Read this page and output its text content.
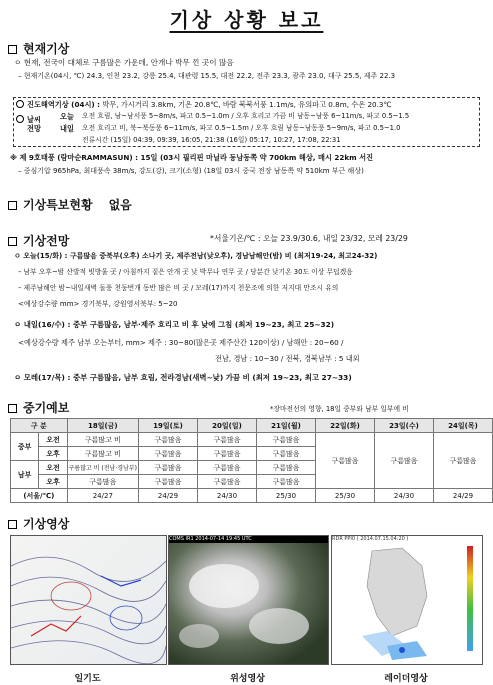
기상 상황 보고
현재기상
ㅇ 현재, 전국이 대체로 구름많은 가운데, 안개나 박무 낀 곳이 많음
– 현재기온(04시, ℃) 24.3, 인천 23.2, 강릉 25.4, 대관령 15.5, 대전 22.2, 전주 23.3, 광주 23.0, 대구 25.5, 제주 22.3
진도해역기상 (04시) : 박무, 가시거리 3.8km, 기온 20.8℃, 바람 북북서풍 1.1m/s, 유의파고 0.8m, 수온 20.3℃
날씨 전망
오늘 오전 흐림, 남~남서풍 5~8m/s, 파고 0.5~1.0m / 오후 흐리고 가끔 비 남동~남풍 6~11m/s, 파고 0.5~1.5
내일 오전 흐리고 비, 북~북동풍 6~11m/s, 파고 0.5~1.5m / 오후 흐림 남동~남동풍 5~9m/s, 파고 0.5~1.0
전류시간 (15일) 04:39, 09:39, 16:05, 21:38 (16일) 05:17, 10:27, 17:08, 22:31
※ 제 9호태풍 (람마순RAMMASUN) : 15일 (03시 필리핀 마닐라 동남동쪽 약 700km 해상, 매시 22km 서진
– 중심기압 965hPa, 최대풍속 38m/s, 강도(강), 크기(소형) (18일 03시 중국 전장 남동쪽 약 510km 부근 해상)
기상특보현황 없음
기상전망	*서울기온/℃ : 오늘 23.9/30.6, 내일 23/32, 모레 23/29
ㅇ 오늘(15/화) : 구름많음 중북부(오후) 소나기 곳, 제주전남(낮오후), 경남남해안(밤) 비 (최저19-24, 최고24-32)
– 남부 오후~밤 산발적 빗방울 곳 / 아침까지 짙은 안개 곳 낮 박무나 연무 곳 / 당분간 낮기온 30도 이상 무덥겠음
– 제주남해안 밤~내일새벽 돌풍 천둥번개 동반 많은 비 곳 / 모레(17)까지 천문조에 의한 저지대 만조시 유의
<예상강수량 mm> 경기북부, 강원영서북부: 5~20
ㅇ 내일(16/수) : 중부 구름많음, 남부·제주 흐리고 비 후 낮에 그침 (최저 19~23, 최고 25~32)
<예상강수량 제주 남부 오는부터, mm> 제주 : 30~80(많은곳 제주산간 120이상) / 남해안 : 20~60 /
전남, 경남 : 10~30 / 전북, 경북남부 : 5 내외
ㅇ 모레(17/목) : 중부 구름많음, 남부 흐림, 전라경남(새벽~낮) 가끔 비 (최저 19~23, 최고 27~33)
중기예보	*장마전선의 영향, 18일 중부와 남부 일부에 비
구 분		18일(금)	19일(토)	20일(일)	21일(월)	22일(화)	23일(수)	24일(목)
중부	오전	구름많고 비	구름많음	구름많음	구름많음	구름많음	구름많음	구름많음
	오후	구름많고 비	구름많음	구름많음	구름많음			
남부	오전	구름많고 비 (전남·경남부)	구름많음	구름많음	구름많음			
	오후	구름많음	구름많음	구름많음	구름많음			
(서울/℃)		24/27	24/29	24/30	25/30	25/30	24/30	24/29
기상영상
COMS IR1 2014-07-14 19:45 UTC	RDR PPI0 ( 2014.07.15.04:20 )
일기도	위성영상	레이더영상
